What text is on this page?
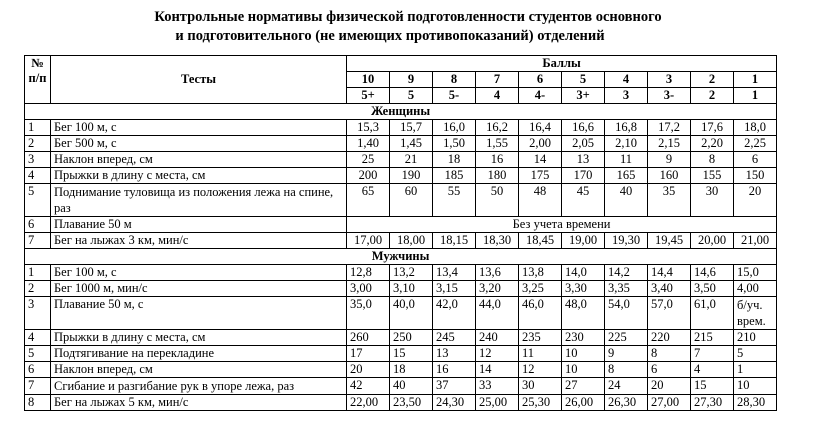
Контрольные нормативы физической подготовленности студентов основного
и подготовительного (не имеющих противопоказаний) отделений
№ п/п	Тесты	Баллы									
		10	9	8	7	6	5	4	3	2	1
		5+	5	5-	4	4-	3+	3	3-	2	1
Женщины											
1	Бег 100 м, с	15,3	15,7	16,0	16,2	16,4	16,6	16,8	17,2	17,6	18,0
2	Бег 500 м, с	1,40	1,45	1,50	1,55	2,00	2,05	2,10	2,15	2,20	2,25
3	Наклон вперед, см	25	21	18	16	14	13	11	9	8	6
4	Прыжки в длину с места, см	200	190	185	180	175	170	165	160	155	150
5	Поднимание туловища из положения лежа на спине, раз	65	60	55	50	48	45	40	35	30	20
6	Плавание 50 м	Без учета времени									
7	Бег на лыжах 3 км, мин/с	17,00	18,00	18,15	18,30	18,45	19,00	19,30	19,45	20,00	21,00
Мужчины											
1	Бег 100 м, с	12,8	13,2	13,4	13,6	13,8	14,0	14,2	14,4	14,6	15,0
2	Бег 1000 м, мин/с	3,00	3,10	3,15	3,20	3,25	3,30	3,35	3,40	3,50	4,00
3	Плавание 50 м, с	35,0	40,0	42,0	44,0	46,0	48,0	54,0	57,0	61,0	б/уч. врем.
4	Прыжки в длину с места, см	260	250	245	240	235	230	225	220	215	210
5	Подтягивание на перекладине	17	15	13	12	11	10	9	8	7	5
6	Наклон вперед, см	20	18	16	14	12	10	8	6	4	1
7	Сгибание и разгибание рук в упоре лежа, раз	42	40	37	33	30	27	24	20	15	10
8	Бег на лыжах 5 км, мин/с	22,00	23,50	24,30	25,00	25,30	26,00	26,30	27,00	27,30	28,30
